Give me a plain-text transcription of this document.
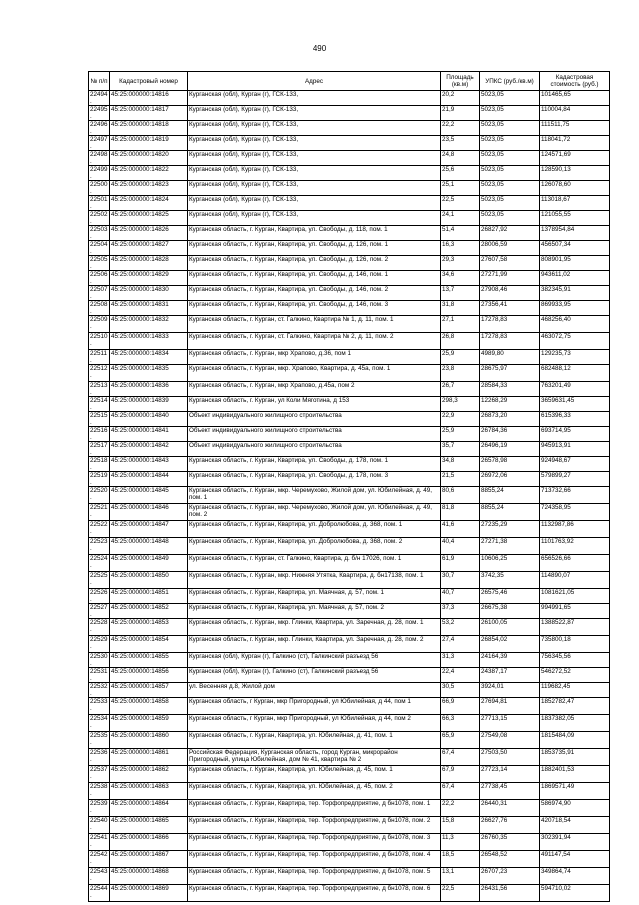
490
№ п/п	Кадастровый номер	Адрес	Площадь (кв.м)	УПКС (руб./кв.м)	Кадастровая стоимость (руб.)
22494.	45:25:000000:14816	Курганская (обл), Курган (г), ГСК-133,	20,2	5023,05	101465,65
22495.	45:25:000000:14817	Курганская (обл), Курган (г), ГСК-133,	21,9	5023,05	110004,84
22496.	45:25:000000:14818	Курганская (обл), Курган (г), ГСК-133,	22,2	5023,05	111511,75
22497.	45:25:000000:14819	Курганская (обл), Курган (г), ГСК-133,	23,5	5023,05	118041,72
22498.	45:25:000000:14820	Курганская (обл), Курган (г), ГСК-133,	24,8	5023,05	124571,69
22499.	45:25:000000:14822	Курганская (обл), Курган (г), ГСК-133,	25,6	5023,05	128590,13
22500.	45:25:000000:14823	Курганская (обл), Курган (г), ГСК-133,	25,1	5023,05	126078,60
22501.	45:25:000000:14824	Курганская (обл), Курган (г), ГСК-133,	22,5	5023,05	113018,67
22502.	45:25:000000:14825	Курганская (обл), Курган (г), ГСК-133,	24,1	5023,05	121055,55
22503.	45:25:000000:14826	Курганская область, г. Курган, Квартира, ул. Свободы, д. 118, пом. 1	51,4	26827,92	1378954,84
22504.	45:25:000000:14827	Курганская область, г. Курган, Квартира, ул. Свободы, д. 126, пом. 1	16,3	28006,59	456507,34
22505.	45:25:000000:14828	Курганская область, г. Курган, Квартира, ул. Свободы, д. 126, пом. 2	29,3	27607,58	808901,95
22506.	45:25:000000:14829	Курганская область, г. Курган, Квартира, ул. Свободы, д. 146, пом. 1	34,6	27271,99	943611,02
22507.	45:25:000000:14830	Курганская область, г. Курган, Квартира, ул. Свободы, д. 146, пом. 2	13,7	27908,46	382345,91
22508.	45:25:000000:14831	Курганская область, г. Курган, Квартира, ул. Свободы, д. 146, пом. 3	31,8	27356,41	869933,95
22509.	45:25:000000:14832	Курганская область, г. Курган, ст. Галкино, Квартира № 1, д. 11, пом. 1	27,1	17278,83	468256,40
22510.	45:25:000000:14833	Курганская область, г. Курган, ст. Галкино, Квартира № 2, д. 11, пом. 2	26,8	17278,83	463072,75
22511.	45:25:000000:14834	Курганская область, г. Курган, мкр Храпово, д.36, пом 1	25,9	4989,80	129235,73
22512.	45:25:000000:14835	Курганская область, г. Курган, мкр. Храпово, Квартира, д. 45а, пом. 1	23,8	28675,97	682488,12
22513.	45:25:000000:14836	Курганская область, г. Курган, мкр Храпово, д.45а, пом 2	26,7	28584,33	763201,49
22514.	45:25:000000:14839	Курганская область, г. Курган, ул Коли Мяготина, д 153	298,3	12268,29	3659631,45
22515.	45:25:000000:14840	Объект индивидуального жилищного строительства	22,9	26873,20	615396,33
22516.	45:25:000000:14841	Объект индивидуального жилищного строительства	25,9	26784,36	693714,95
22517.	45:25:000000:14842	Объект индивидуального жилищного строительства	35,7	26496,19	945913,91
22518.	45:25:000000:14843	Курганская область, г. Курган, Квартира, ул. Свободы, д. 178, пом. 1	34,8	26578,98	924948,67
22519.	45:25:000000:14844	Курганская область, г. Курган, Квартира, ул. Свободы, д. 178, пом. 3	21,5	26972,06	579899,27
22520.	45:25:000000:14845	Курганская область, г. Курган, мкр. Черемухово, Жилой дом, ул. Юбилейная, д. 49, пом. 1	80,6	8855,24	713732,66
22521.	45:25:000000:14846	Курганская область, г. Курган, мкр. Черемухово, Жилой дом, ул. Юбилейная, д. 49, пом. 2	81,8	8855,24	724358,95
22522.	45:25:000000:14847	Курганская область, г. Курган, Квартира, ул. Добролюбова, д. 368, пом. 1	41,6	27235,29	1132987,86
22523.	45:25:000000:14848	Курганская область, г. Курган, Квартира, ул. Добролюбова, д. 368, пом. 2	40,4	27271,38	1101763,92
22524.	45:25:000000:14849	Курганская область, г. Курган, ст. Галкино, Квартира, д. б/н 17026, пом. 1	61,9	10606,25	656526,66
22525.	45:25:000000:14850	Курганская область, г. Курган, мкр. Нижняя Утятка, Квартира, д. бн17138, пом. 1	30,7	3742,35	114890,07
22526.	45:25:000000:14851	Курганская область, г. Курган, Квартира, ул. Маячная, д. 57, пом. 1	40,7	26575,46	1081621,05
22527.	45:25:000000:14852	Курганская область, г. Курган, Квартира, ул. Маячная, д. 57, пом. 2	37,3	26675,38	994991,65
22528.	45:25:000000:14853	Курганская область, г. Курган, мкр. Глинки, Квартира, ул. Заречная, д. 28, пом. 1	53,2	26100,05	1388522,87
22529.	45:25:000000:14854	Курганская область, г. Курган, мкр. Глинки, Квартира, ул. Заречная, д. 28, пом. 2	27,4	26854,02	735800,18
22530.	45:25:000000:14855	Курганская (обл), Курган (г), Галкино (ст), Галкинский разъезд 56	31,3	24164,39	756345,56
22531.	45:25:000000:14856	Курганская (обл), Курган (г), Галкино (ст), Галкинский разъезд 56	22,4	24387,17	546272,52
22532.	45:25:000000:14857	ул. Весенняя д.8, Жилой дом	30,5	3924,01	119682,45
22533.	45:25:000000:14858	Курганская область, г Курган, мкр Пригородный, ул Юбилейная, д 44, пом 1	66,9	27694,81	1852782,47
22534.	45:25:000000:14859	Курганская область, г Курган, мкр Пригородный, ул Юбилейная, д 44, пом 2	66,3	27713,15	1837382,05
22535.	45:25:000000:14860	Курганская область, г. Курган, Квартира, ул. Юбилейная, д. 41, пом. 1	65,9	27549,08	1815484,09
22536.	45:25:000000:14861	Российская Федерация, Курганская область, город Курган, микрорайон Пригородный, улица Юбилейная, дом № 41, квартира № 2	67,4	27503,50	1853735,91
22537.	45:25:000000:14862	Курганская область, г. Курган, Квартира, ул. Юбилейная, д. 45, пом. 1	67,9	27723,14	1882401,53
22538.	45:25:000000:14863	Курганская область, г. Курган, Квартира, ул. Юбилейная, д. 45, пом. 2	67,4	27738,45	1869571,49
22539.	45:25:000000:14864	Курганская область, г. Курган, Квартира, тер. Торфопредприятие, д бн1078, пом. 1	22,2	26440,31	586974,90
22540.	45:25:000000:14865	Курганская область, г. Курган, Квартира, тер. Торфопредприятие, д бн1078, пом. 2	15,8	26627,76	420718,54
22541.	45:25:000000:14866	Курганская область, г. Курган, Квартира, тер. Торфопредприятие, д бн1078, пом. 3	11,3	26760,35	302391,94
22542.	45:25:000000:14867	Курганская область, г. Курган, Квартира, тер. Торфопредприятие, д бн1078, пом. 4	18,5	26548,52	491147,54
22543.	45:25:000000:14868	Курганская область, г. Курган, Квартира, тер. Торфопредприятие, д бн1078, пом. 5	13,1	26707,23	349864,74
22544.	45:25:000000:14869	Курганская область, г. Курган, Квартира, тер. Торфопредприятие, д бн1078, пом. 6	22,5	26431,56	594710,02
